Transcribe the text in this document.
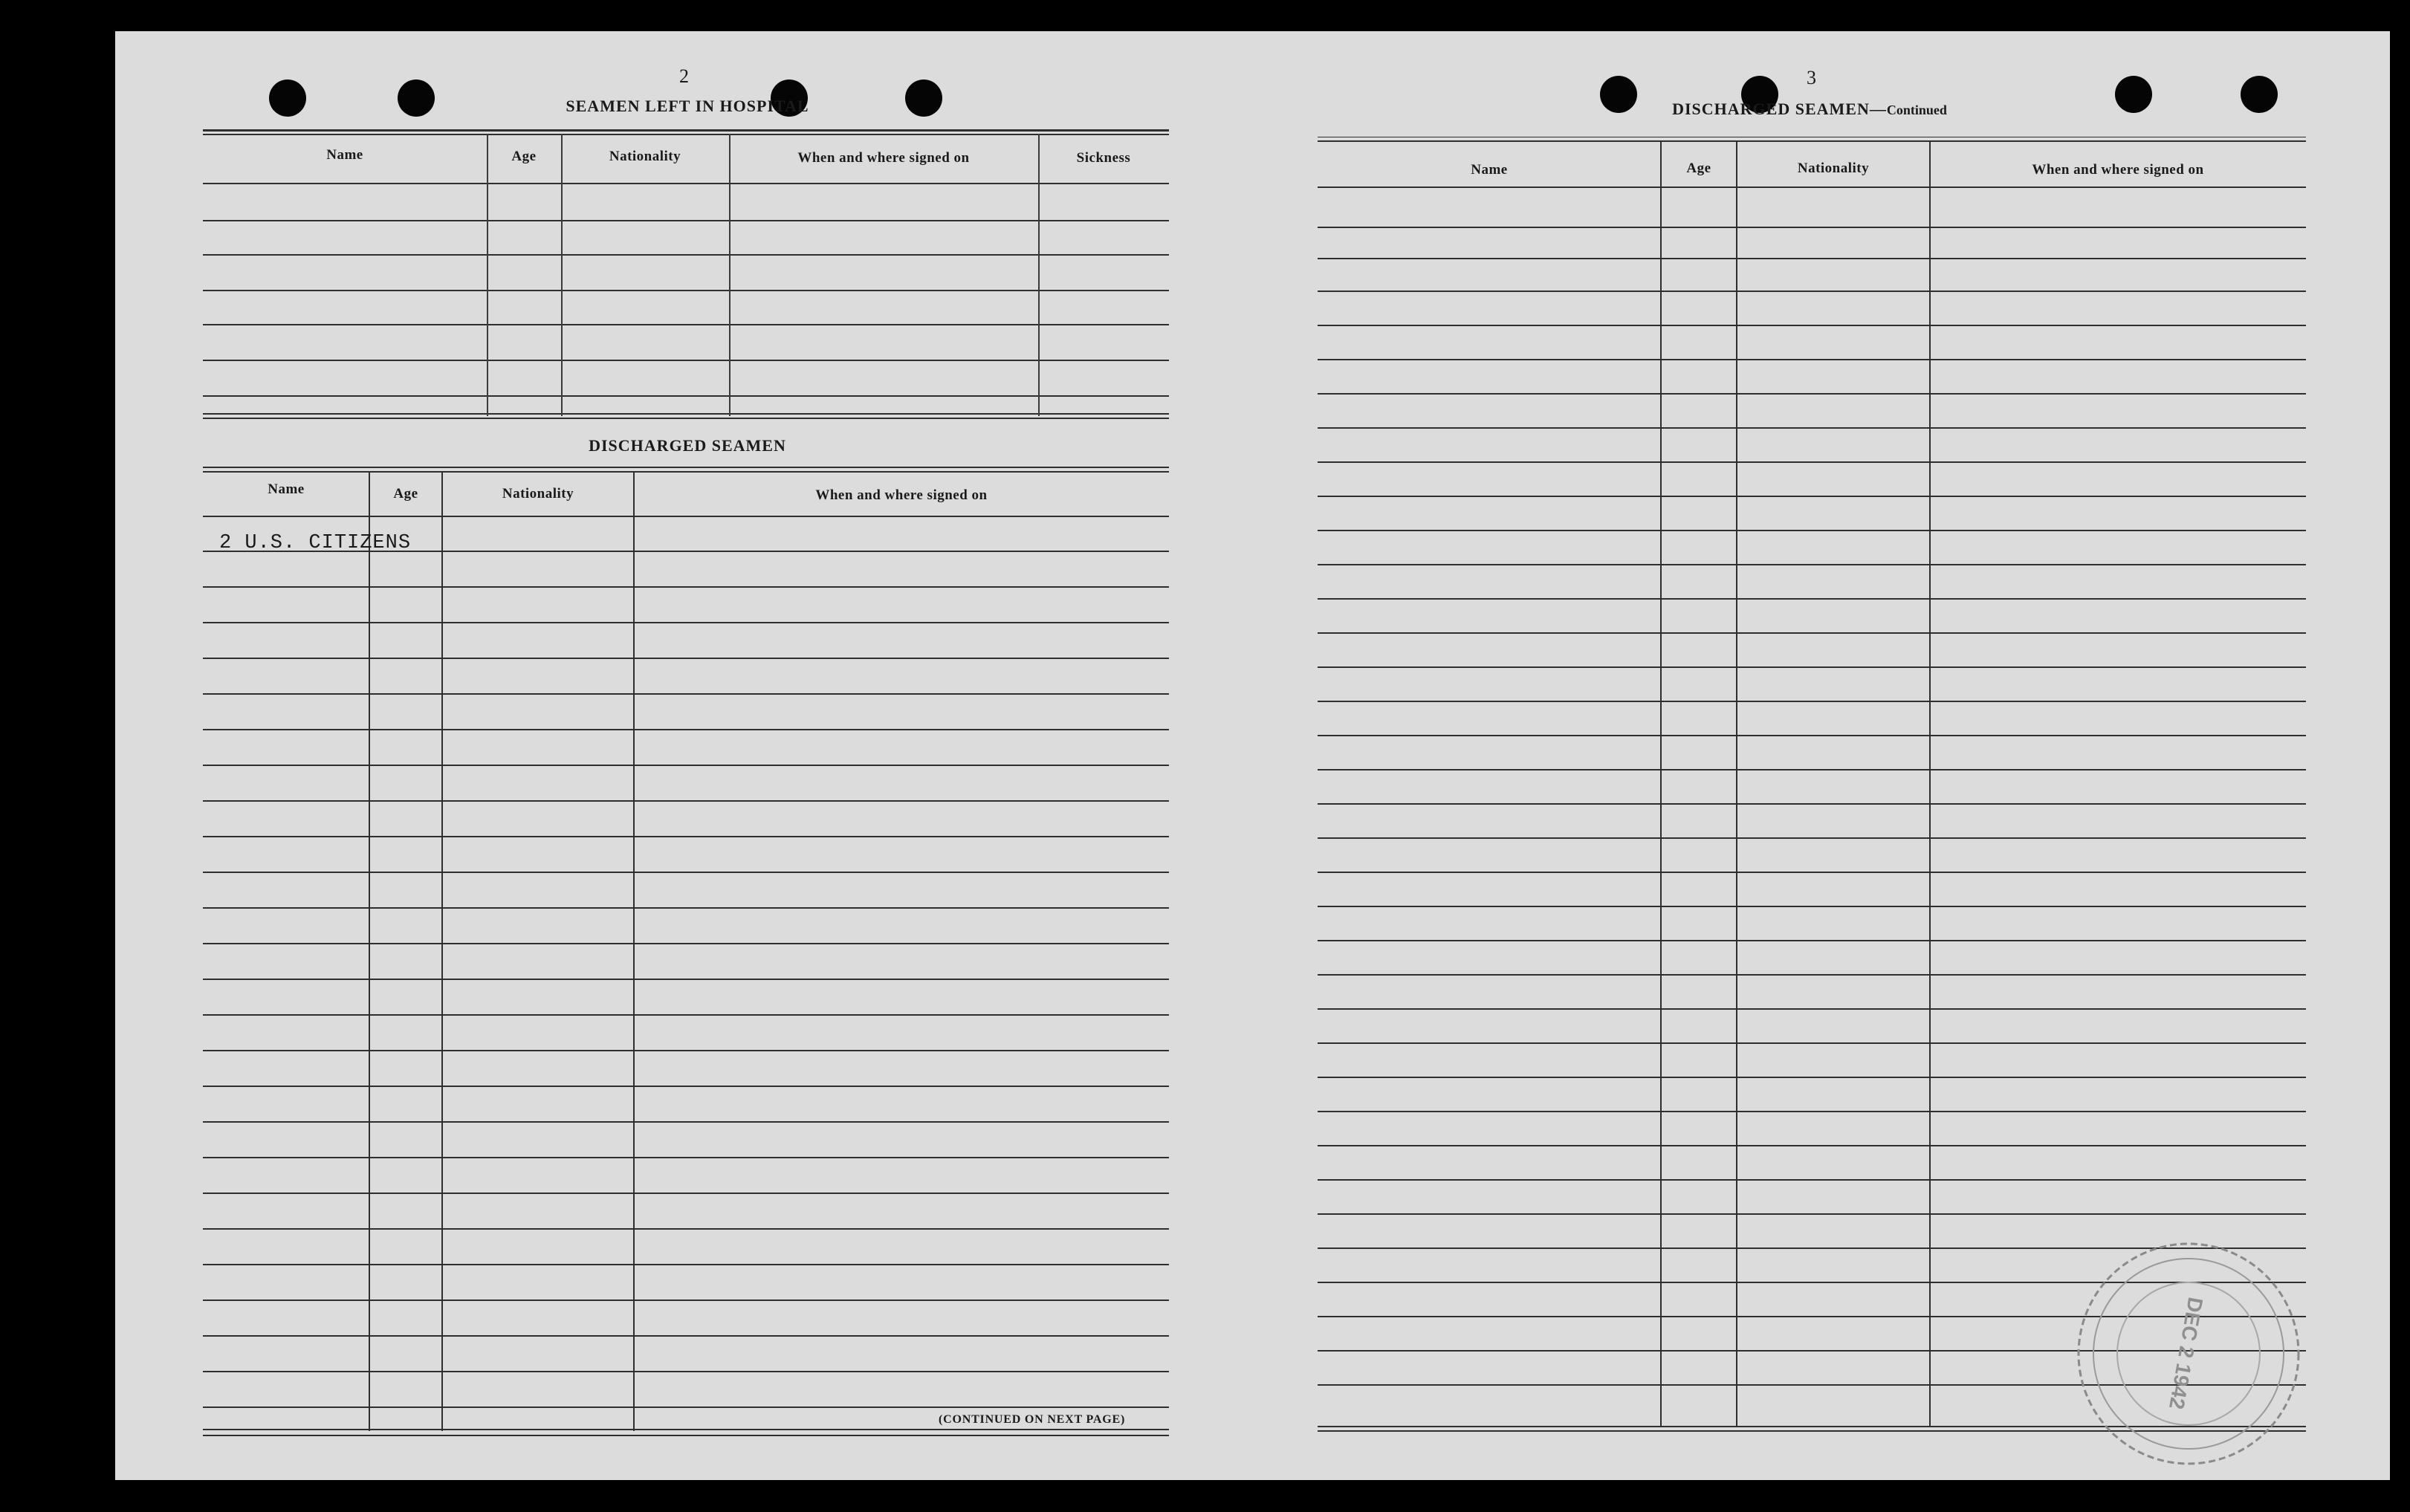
2
SEAMEN LEFT IN HOSPITAL
Name	Age	Nationality	When and where signed on	Sickness
DISCHARGED SEAMEN
Name	Age	Nationality	When and where signed on
2 U.S. CITIZENS
(CONTINUED ON NEXT PAGE)
3
DISCHARGED SEAMEN—Continued
Name	Age	Nationality	When and where signed on
DEC 2 1942
